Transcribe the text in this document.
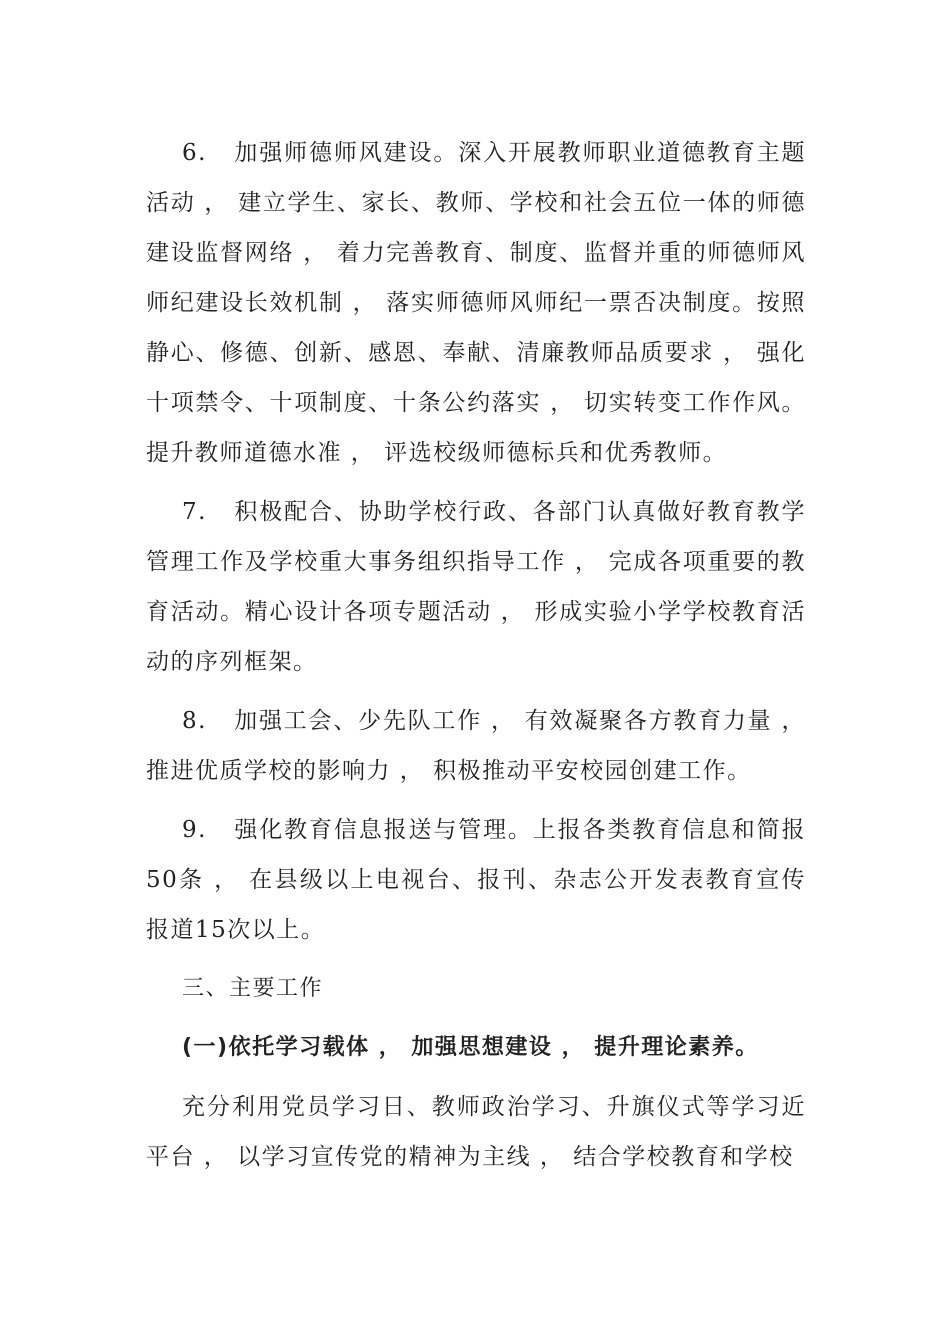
6. 加强师德师风建设。深入开展教师职业道德教育主题活动 ， 建立学生、家长、教师、学校和社会五位一体的师德建设监督网络 ， 着力完善教育、制度、监督并重的师德师风师纪建设长效机制 ， 落实师德师风师纪一票否决制度。按照静心、修德、创新、感恩、奉献、清廉教师品质要求 ， 强化十项禁令、十项制度、十条公约落实 ， 切实转变工作作风。提升教师道德水准 ， 评选校级师德标兵和优秀教师。

7. 积极配合、协助学校行政、各部门认真做好教育教学管理工作及学校重大事务组织指导工作 ， 完成各项重要的教育活动。精心设计各项专题活动 ， 形成实验小学学校教育活动的序列框架。

8. 加强工会、少先队工作 ， 有效凝聚各方教育力量 ，推进优质学校的影响力 ， 积极推动平安校园创建工作。

9. 强化教育信息报送与管理。上报各类教育信息和简报50条 ， 在县级以上电视台、报刊、杂志公开发表教育宣传报道15次以上。

三、主要工作

(一)依托学习载体 ， 加强思想建设 ， 提升理论素养。

充分利用党员学习日、教师政治学习、升旗仪式等学习近平台 ， 以学习宣传党的精神为主线 ， 结合学校教育和学校
